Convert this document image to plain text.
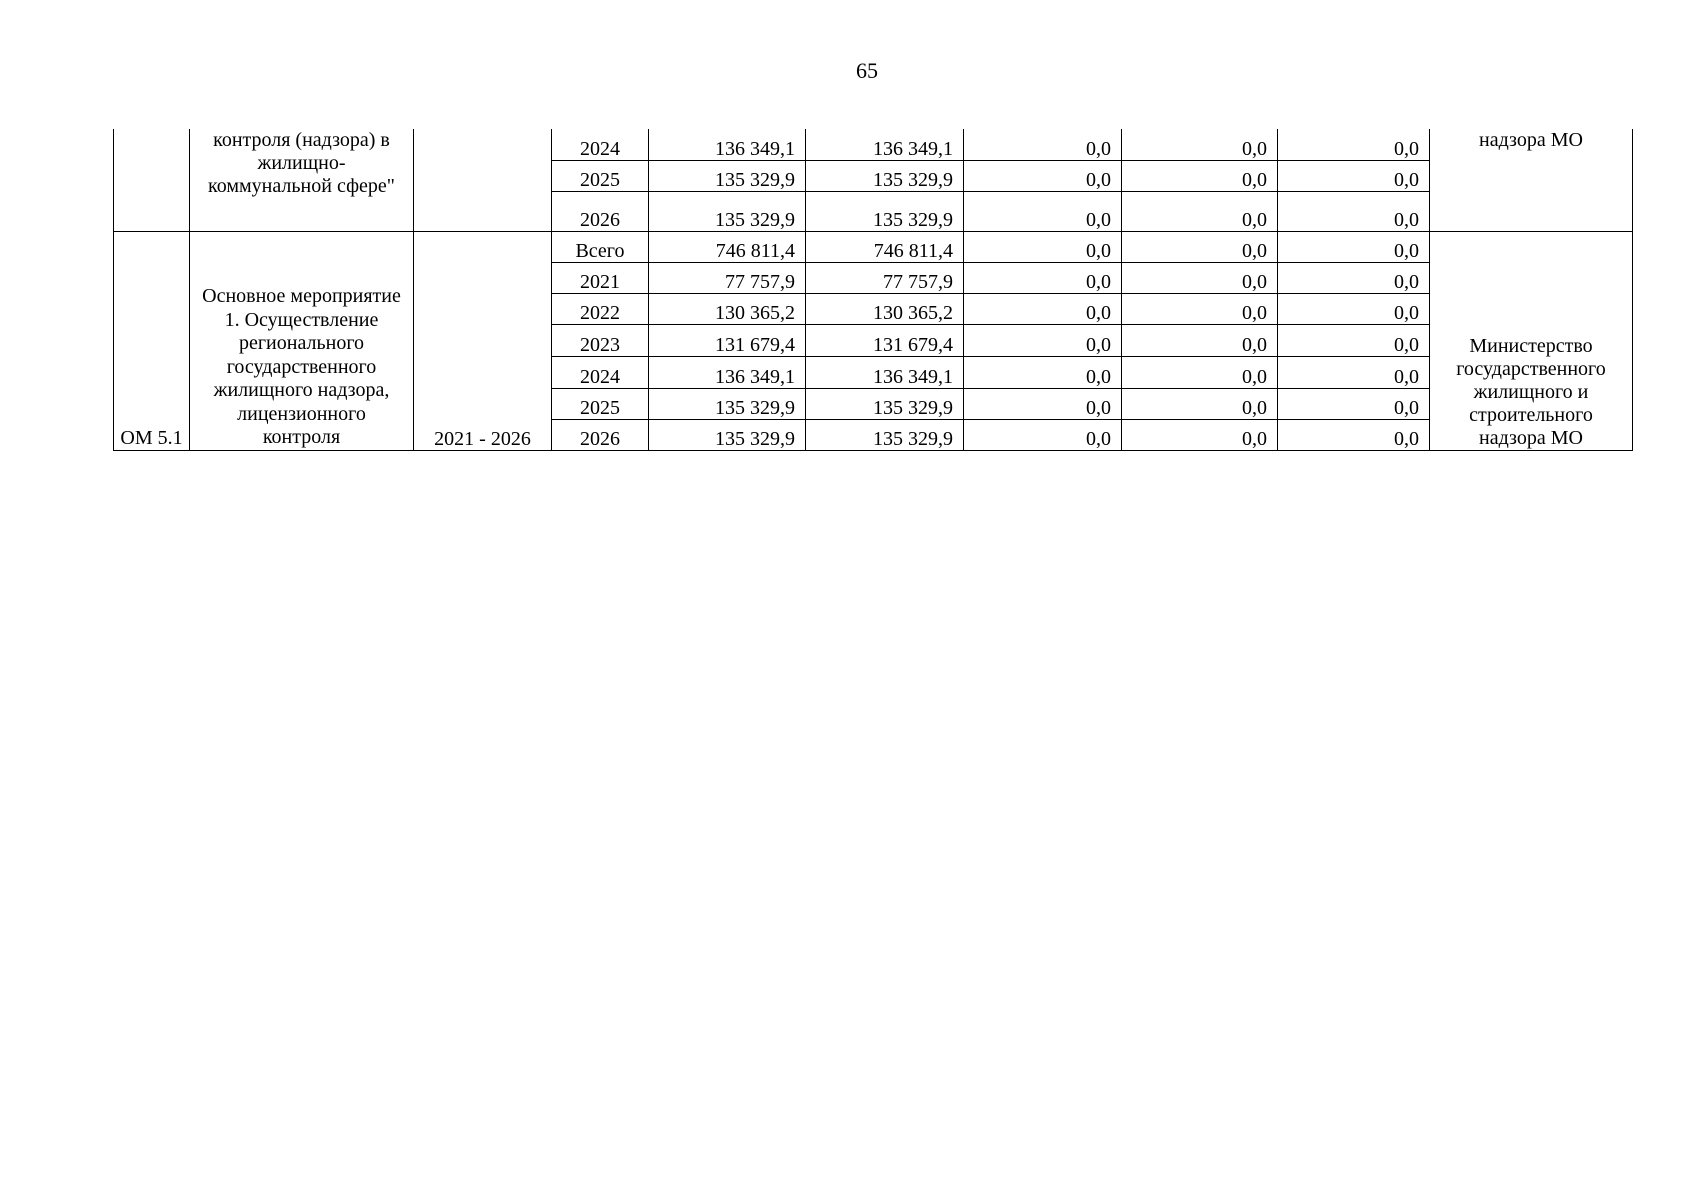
65
	контроля (надзора) в жилищно-коммунальной сфере"		2024	136 349,1	136 349,1	0,0	0,0	0,0	надзора МО
			2025	135 329,9	135 329,9	0,0	0,0	0,0	
			2026	135 329,9	135 329,9	0,0	0,0	0,0	
ОМ 5.1	Основное мероприятие 1. Осуществление регионального государственного жилищного надзора, лицензионного контроля	2021 - 2026	Всего	746 811,4	746 811,4	0,0	0,0	0,0	Министерство государственного жилищного и строительного надзора МО
			2021	77 757,9	77 757,9	0,0	0,0	0,0	
			2022	130 365,2	130 365,2	0,0	0,0	0,0	
			2023	131 679,4	131 679,4	0,0	0,0	0,0	
			2024	136 349,1	136 349,1	0,0	0,0	0,0	
			2025	135 329,9	135 329,9	0,0	0,0	0,0	
			2026	135 329,9	135 329,9	0,0	0,0	0,0	
